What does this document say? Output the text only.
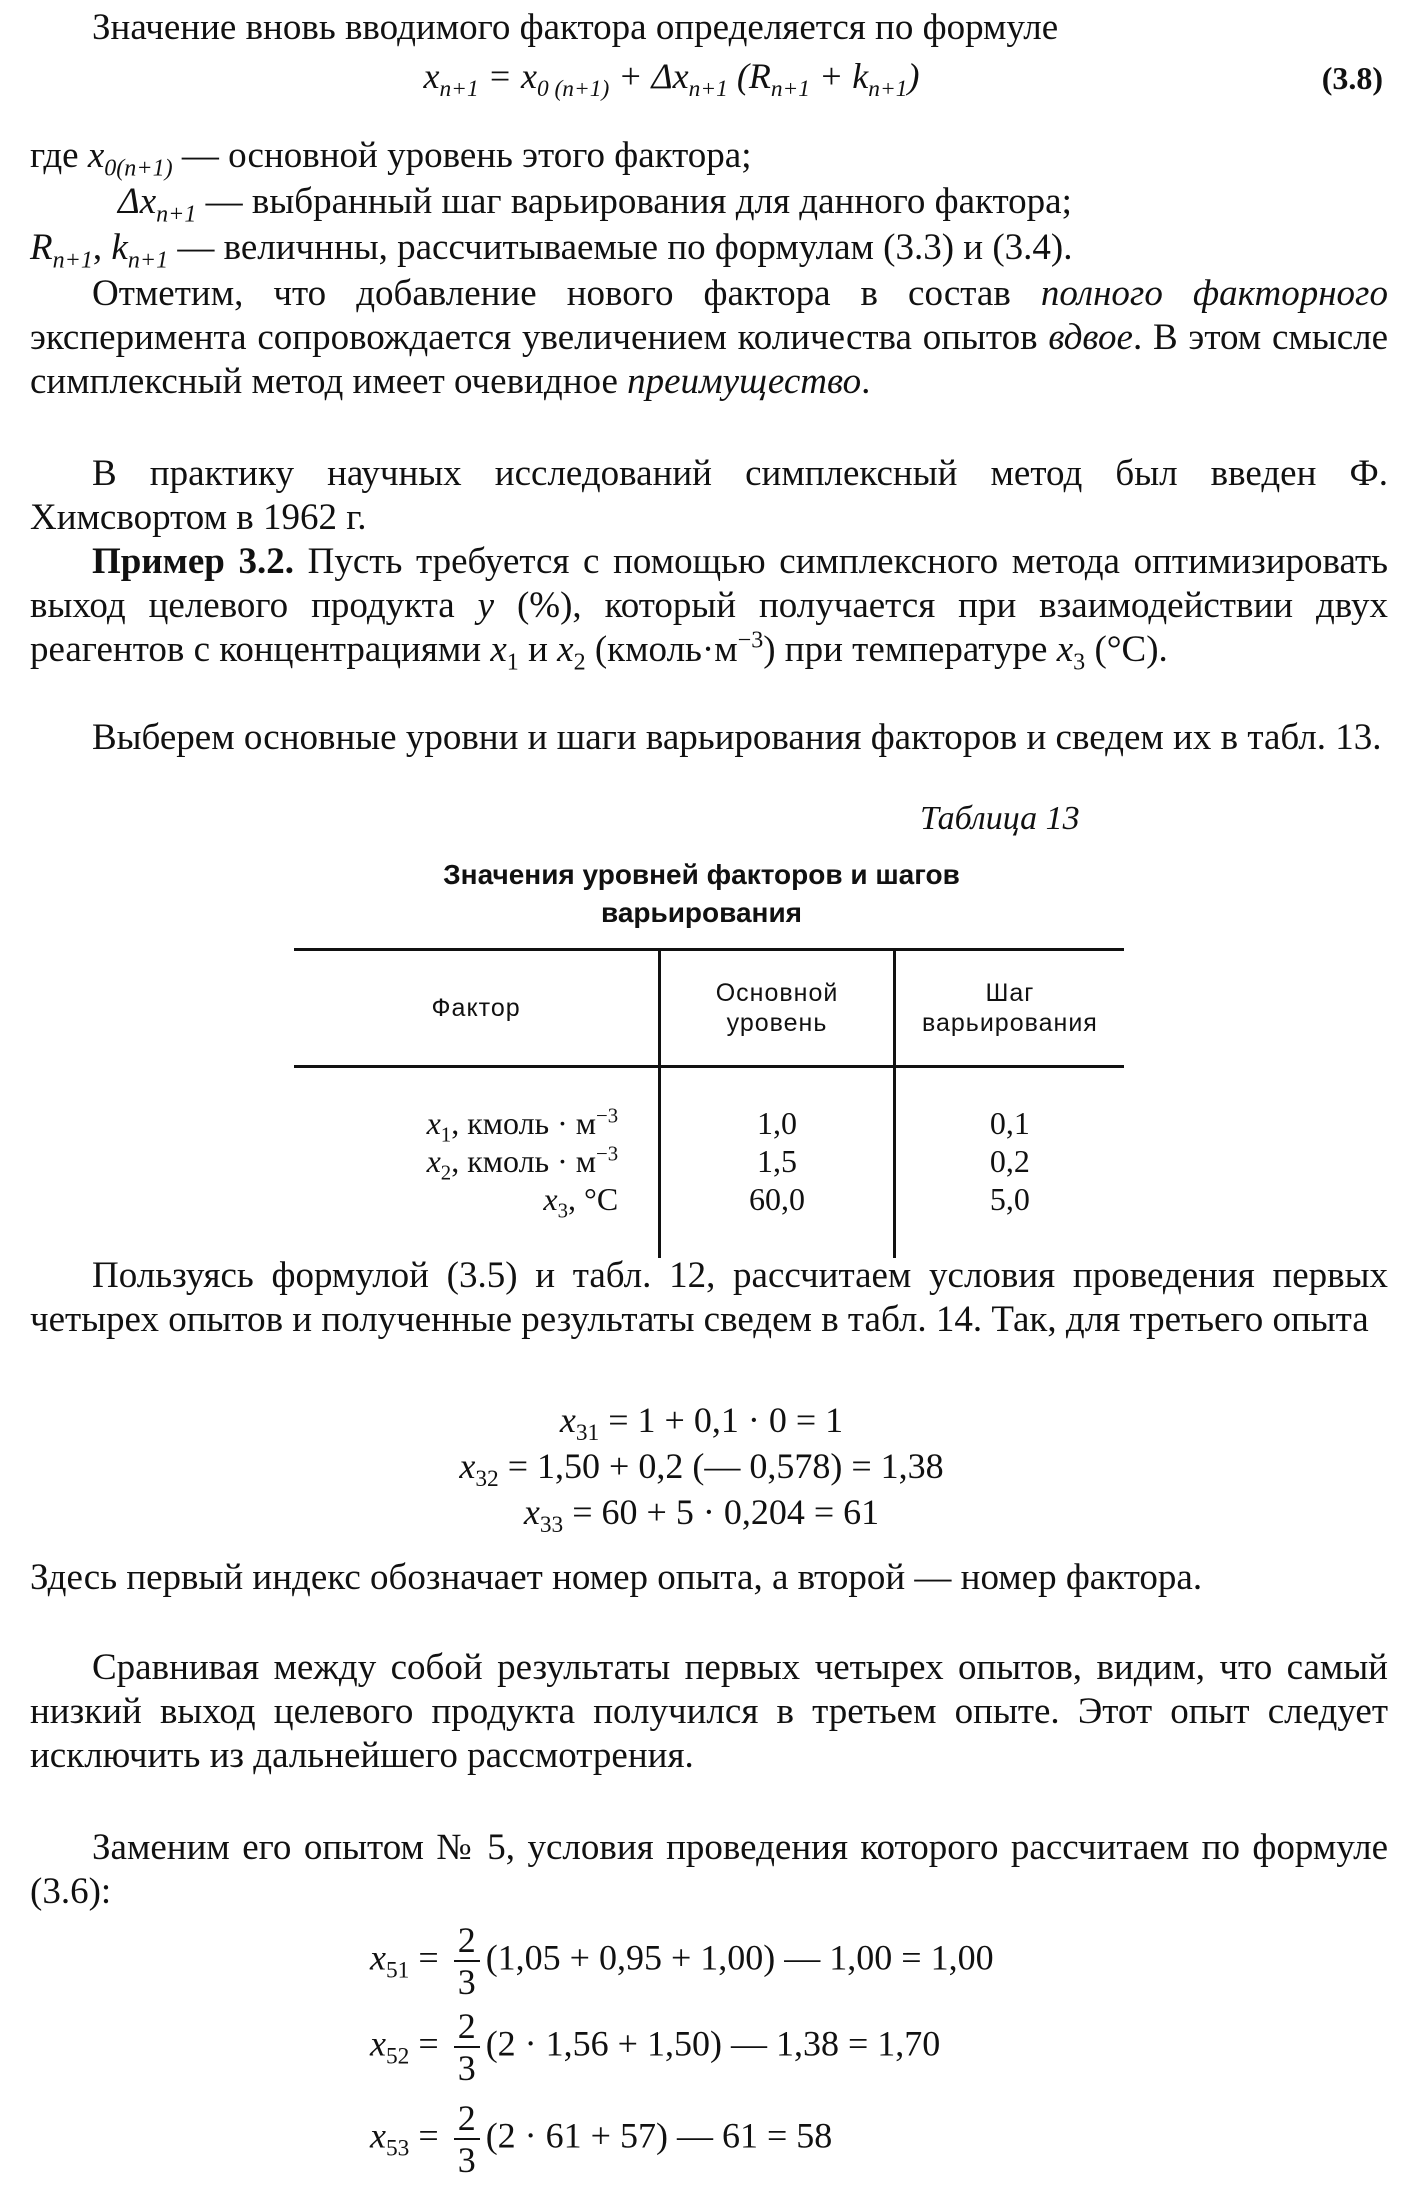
Значение вновь вводимого фактора определяется по формуле

$x_{n+1} = x_{0 (n+1)} + \Delta x_{n+1}$ $(R_{n+1} + k_{n+1})$	(3.8)

где $x_{0(n+1)}$ — основной уровень этого фактора;

$\Delta x_{n+1}$ — выбранный шаг варьирования для данного фактора;

$R_{n+1}$, $k_{n+1}$ — величнны, рассчитываемые по формулам (3.3) и (3.4).

Отметим, что добавление нового фактора в состав полного факторного эксперимента сопровождается увеличением количества опытов вдвое. В этом смысле симплексный метод имеет очевидное преимущество.

В практику научных исследований симплексный метод был введен Ф. Химсвортом в 1962 г.

Пример 3.2. Пусть требуется с помощью симплексного метода оптимизировать выход целевого продукта y (%), который получается при взаимодействии двух реагентов с концентрациями $x_1$ и $x_2$ $(кмоль\cdot м^{-3})$ при температуре $x_3$ (°C).

Выберем основные уровни и шаги варьирования факторов и сведем их в табл. 13.

Таблица 13
Значения уровней факторов и шагов
варьирования
Фактор	Основной уровень	Шаг варьирования
$x_1$, кмоль · $м^{-3}$	1,0	0,1
$x_2$, кмоль · $м^{-3}$	1,5	0,2
$x_3$, °C	60,0	5,0

Пользуясь формулой (3.5) и табл. 12, рассчитаем условия проведения первых четырех опытов и полученные результаты сведем в табл. 14. Так, для третьего опыта

$x_{31} = 1 + 0,1 \cdot 0 = 1$
$x_{32} = 1,50 + 0,2$ (— 0,578) = 1,38
$x_{33} = 60 + 5 \cdot 0,204 = 61$

Здесь первый индекс обозначает номер опыта, а второй — номер фактора.

Сравнивая между собой результаты первых четырех опытов, видим, что самый низкий выход целевого продукта получился в третьем опыте. Этот опыт следует исключить из дальнейшего рассмотрения.

Заменим его опытом № 5, условия проведения которого рассчитаем по формуле (3.6):

$x_{51} = \frac{2}{3} (1,05 + 0,95 + 1,00)$ — 1,00 = 1,00
$x_{52} = \frac{2}{3} (2 \cdot 1,56 + 1,50)$ — 1,38 = 1,70
$x_{53} = \frac{2}{3} (2 \cdot 61 + 57)$ — 61 = 58
